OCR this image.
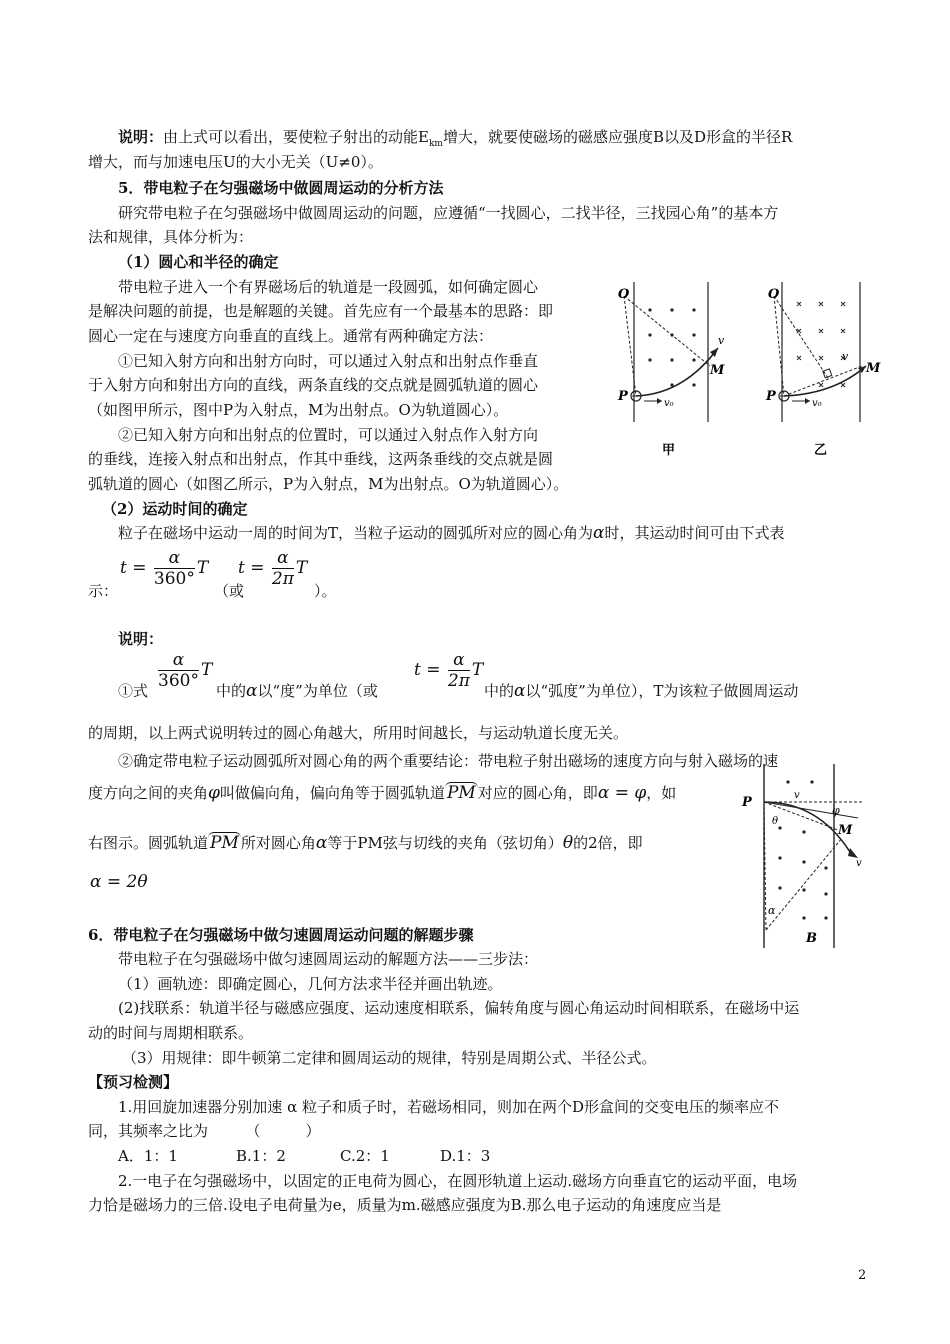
说明：由上式可以看出，要使粒子射出的动能$E_{km}$增大，就要使磁场的磁感应强度B以及D形盒的半径R
增大，而与加速电压U的大小无关（U≠0）。
5．带电粒子在匀强磁场中做圆周运动的分析方法
研究带电粒子在匀强磁场中做圆周运动的问题，应遵循“一找圆心，二找半径，三找园心角”的基本方
法和规律，具体分析为：
（1）圆心和半径的确定
带电粒子进入一个有界磁场后的轨道是一段圆弧，如何确定圆心
是解决问题的前提，也是解题的关键。首先应有一个最基本的思路：即
圆心一定在与速度方向垂直的直线上。通常有两种确定方法：
①已知入射方向和出射方向时，可以通过入射点和出射点作垂直
于入射方向和射出方向的直线，两条直线的交点就是圆弧轨道的圆心
（如图甲所示，图中P为入射点，M为出射点。O为轨道圆心）。
②已知入射方向和出射点的位置时，可以通过入射点作入射方向
的垂线，连接入射点和出射点，作其中垂线，这两条垂线的交点就是圆
弧轨道的圆心（如图乙所示，P为入射点，M为出射点。O为轨道圆心）。
O
P
M
v
v₀
甲
O
P
M
v
v₀
乙
（2）运动时间的确定
粒子在磁场中运动一周的时间为T，当粒子运动的圆弧所对应的圆心角为α时，其运动时间可由下式表
示：
$t = \frac{\alpha}{360^\circ}$ T
（或
$t = \frac{\alpha}{2\pi}$ T
）。
说明：
①式 $\frac{\alpha}{360^\circ}$ T
中的α以“度”为单位（或
$t = \frac{\alpha}{2\pi}$ T
中的α以“弧度”为单位），T为该粒子做圆周运动
的周期，以上两式说明转过的圆心角越大，所用时间越长，与运动轨道长度无关。
②确定带电粒子运动圆弧所对圆心角的两个重要结论：带电粒子射出磁场的速度方向与射入磁场的速
度方向之间的夹角φ叫做偏向角，偏向角等于圆弧轨道 PM 对应的圆心角，即α = φ，如
右图示。圆弧轨道 PM 所对圆心角α等于PM弦与切线的夹角（弦切角）θ的2倍，即
α = 2θ
P
M
v
v
φ
θ
α
B
6．带电粒子在匀强磁场中做匀速圆周运动问题的解题步骤
带电粒子在匀强磁场中做匀速圆周运动的解题方法——三步法：
（1）画轨迹：即确定圆心，几何方法求半径并画出轨迹。
(2)找联系：轨道半径与磁感应强度、运动速度相联系，偏转角度与圆心角运动时间相联系，在磁场中运
动的时间与周期相联系。
（3）用规律：即牛顿第二定律和圆周运动的规律，特别是周期公式、半径公式。
【预习检测】
1.用回旋加速器分别加速 α 粒子和质子时，若磁场相同，则加在两个D形盒间的交变电压的频率应不
同，其频率之比为　　　（　　　）
A．1：1	B.1：2	C.2：1	D.1：3
2.一电子在匀强磁场中，以固定的正电荷为圆心，在圆形轨道上运动.磁场方向垂直它的运动平面，电场
力恰是磁场力的三倍.设电子电荷量为e，质量为m.磁感应强度为B.那么电子运动的角速度应当是
2
